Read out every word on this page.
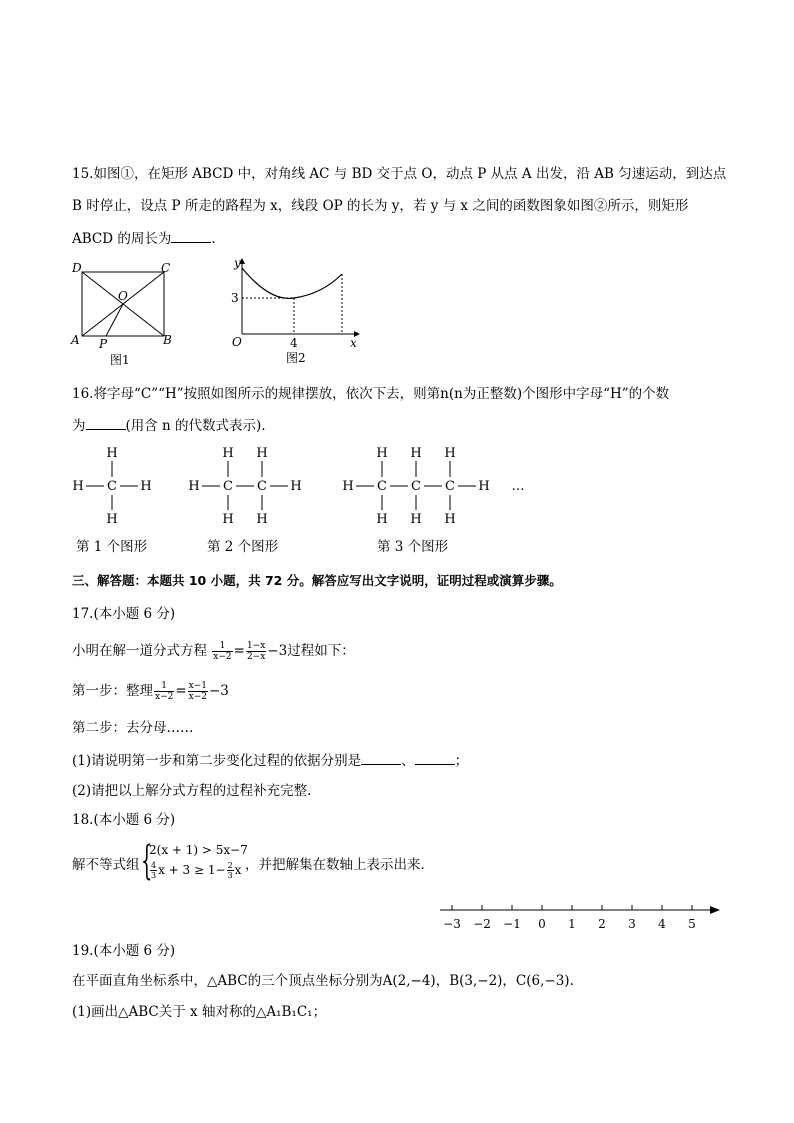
15.如图①，在矩形 ABCD 中，对角线 AC 与 BD 交于点 O，动点 P 从点 A 出发，沿 AB 匀速运动，到达点
B 时停止，设点 P 所走的路程为 x，线段 OP 的长为 y，若 y 与 x 之间的函数图象如图②所示，则矩形
ABCD 的周长为	.
D	C
A	B
O
P
图1
y
x
O
3
4
图2
16.将字母“C”“H”按照如图所示的规律摆放，依次下去，则第n(n为正整数)个图形中字母“H”的个数
为	(用含 n 的代数式表示).
H C
H
H
H	H C
H
H
C
H
H
H	H C
H
H
C
H
H
C
H
H
H …
第 1 个图形	第 2 个图形	第 3 个图形
三、解答题：本题共 10 小题，共 72 分。解答应写出文字说明，证明过程或演算步骤。
17.(本小题 6 分)
小明在解一道分式方程 $\frac{1}{x-2} = \frac{1-x}{2-x} -3$过程如下：
第一步：整理 $\frac{1}{x-2} = \frac{x-1}{x-2} -3$
第二步：去分母……
(1)请说明第一步和第二步变化过程的依据分别是	、	；
(2)请把以上解分式方程的过程补充完整.
18.(本小题 6 分)
解不等式组 {
2(x + 1) > 5x−7
$\frac{4}{3}$ $x + 3 \ge 1- \frac{2}{3}$ x ，并把解集在数轴上表示出来．
−3 −2 −1 0 1 2 3 4 5
19.(本小题 6 分)
在平面直角坐标系中，△ABC的三个顶点坐标分别为A(2,−4)，B(3,−2)，C(6,−3).
(1)画出△ABC关于 x 轴对称的△A₁B₁C₁；
